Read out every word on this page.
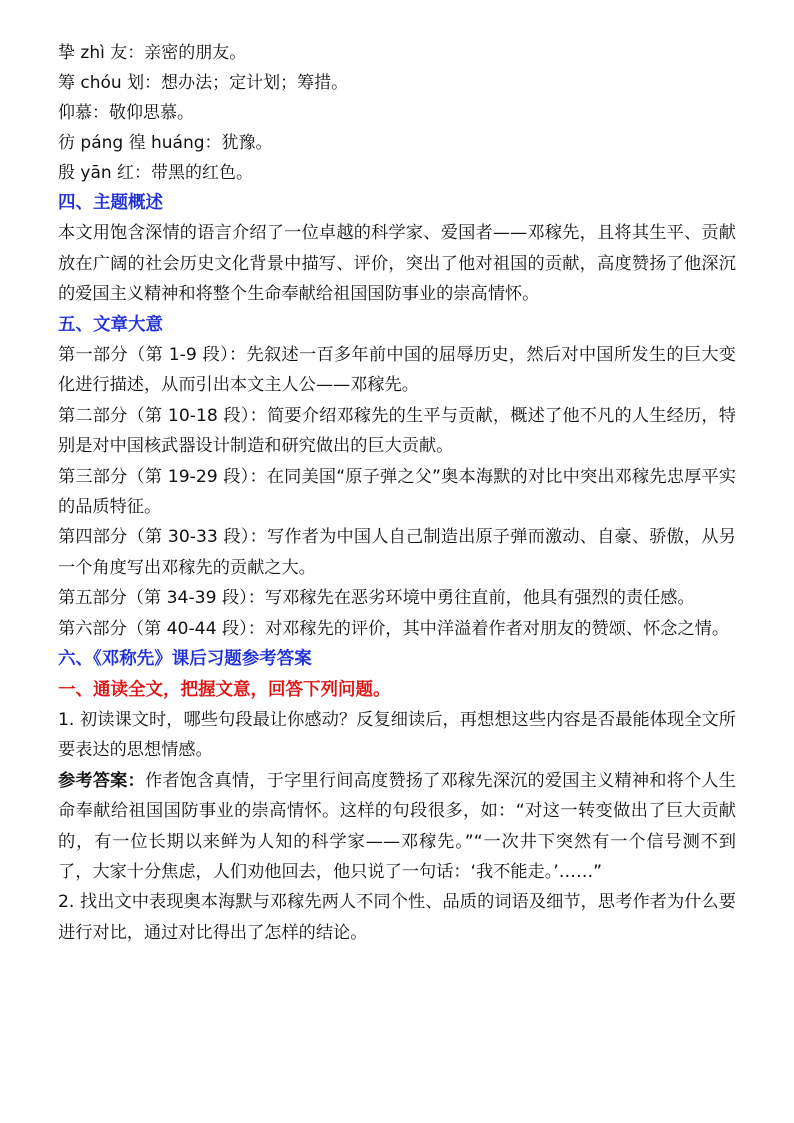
挚 zhì 友：亲密的朋友。

筹 chóu 划：想办法；定计划；筹措。

仰慕：敬仰思慕。

彷 páng 徨 huáng：犹豫。

殷 yān 红：带黑的红色。

四、主题概述

本文用饱含深情的语言介绍了一位卓越的科学家、爱国者——邓稼先，且将其生平、贡献放在广阔的社会历史文化背景中描写、评价，突出了他对祖国的贡献，高度赞扬了他深沉的爱国主义精神和将整个生命奉献给祖国国防事业的崇高情怀。

五、文章大意

第一部分（第 1-9 段）：先叙述一百多年前中国的屈辱历史，然后对中国所发生的巨大变化进行描述，从而引出本文主人公——邓稼先。

第二部分（第 10-18 段）：简要介绍邓稼先的生平与贡献，概述了他不凡的人生经历，特别是对中国核武器设计制造和研究做出的巨大贡献。

第三部分（第 19-29 段）：在同美国“原子弹之父”奥本海默的对比中突出邓稼先忠厚平实的品质特征。

第四部分（第 30-33 段）：写作者为中国人自己制造出原子弹而激动、自豪、骄傲，从另一个角度写出邓稼先的贡献之大。

第五部分（第 34-39 段）：写邓稼先在恶劣环境中勇往直前，他具有强烈的责任感。

第六部分（第 40-44 段）：对邓稼先的评价，其中洋溢着作者对朋友的赞颂、怀念之情。

六、《邓称先》课后习题参考答案

一、通读全文，把握文意，回答下列问题。

1. 初读课文时，哪些句段最让你感动？反复细读后，再想想这些内容是否最能体现全文所要表达的思想情感。

参考答案：作者饱含真情，于字里行间高度赞扬了邓稼先深沉的爱国主义精神和将个人生命奉献给祖国国防事业的崇高情怀。这样的句段很多，如：“对这一转变做出了巨大贡献的，有一位长期以来鲜为人知的科学家——邓稼先。”“一次井下突然有一个信号测不到了，大家十分焦虑，人们劝他回去，他只说了一句话：‘我不能走。’……”

2. 找出文中表现奥本海默与邓稼先两人不同个性、品质的词语及细节，思考作者为什么要进行对比，通过对比得出了怎样的结论。
